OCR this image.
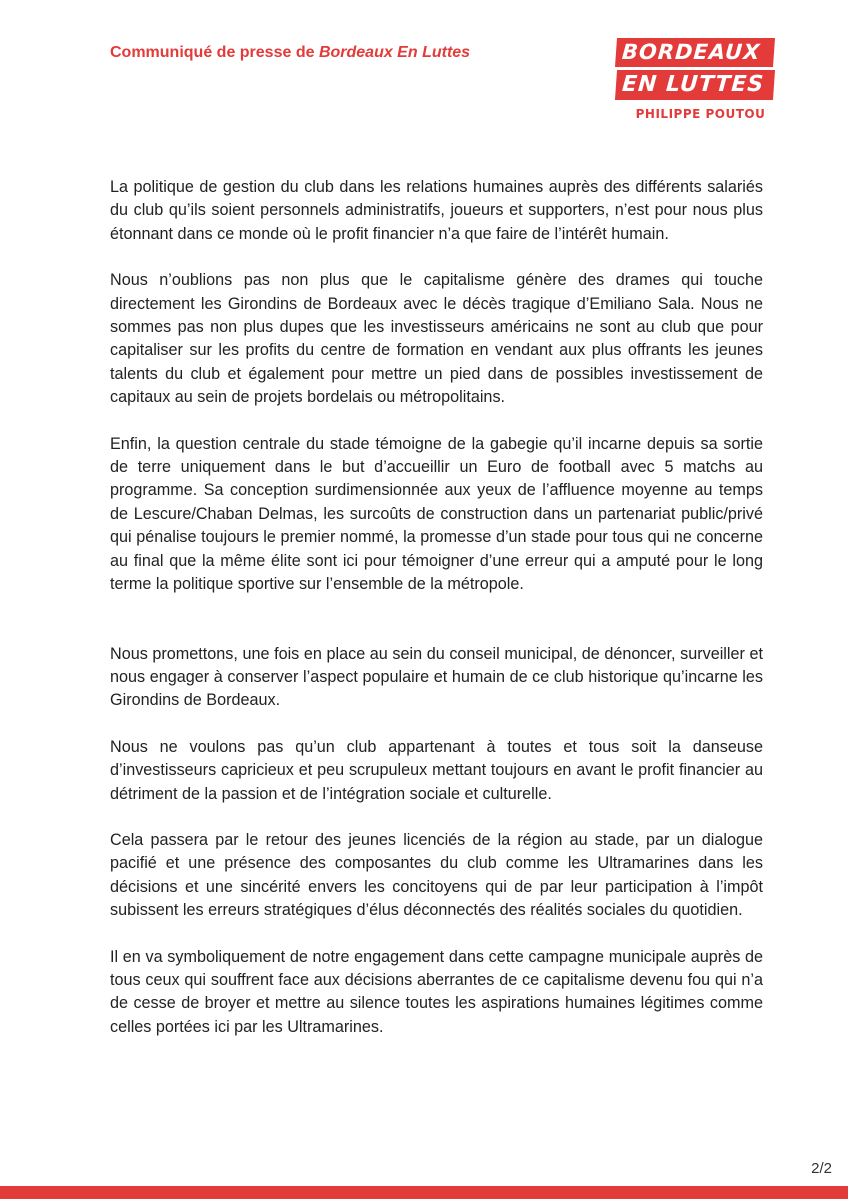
Communiqué de presse de Bordeaux En Luttes	BORDEAUX
EN LUTTES
PHILIPPE POUTOU

La politique de gestion du club dans les relations humaines auprès des différents salariés du club qu’ils soient personnels administratifs, joueurs et supporters, n’est pour nous plus étonnant dans ce monde où le profit financier n’a que faire de l’intérêt humain.

Nous n’oublions pas non plus que le capitalisme génère des drames qui touche directement les Girondins de Bordeaux avec le décès tragique d’Emiliano Sala. Nous ne sommes pas non plus dupes que les investisseurs américains ne sont au club que pour capitaliser sur les profits du centre de formation en vendant aux plus offrants les jeunes talents du club et également pour mettre un pied dans de possibles investissement de capitaux au sein de projets bordelais ou métropolitains.

Enfin, la question centrale du stade témoigne de la gabegie qu’il incarne depuis sa sortie de terre uniquement dans le but d’accueillir un Euro de football avec 5 matchs au programme. Sa conception surdimensionnée aux yeux de l’affluence moyenne au temps de Lescure/Chaban Delmas, les surcoûts de construction dans un partenariat public/privé qui pénalise toujours le premier nommé, la promesse d’un stade pour tous qui ne concerne au final que la même élite sont ici pour témoigner d’une erreur qui a amputé pour le long terme la politique sportive sur l’ensemble de la métropole.

Nous promettons, une fois en place au sein du conseil municipal, de dénoncer, surveiller et nous engager à conserver l’aspect populaire et humain de ce club historique qu’incarne les Girondins de Bordeaux.

Nous ne voulons pas qu’un club appartenant à toutes et tous soit la danseuse d’investisseurs capricieux et peu scrupuleux mettant toujours en avant le profit financier au détriment de la passion et de l’intégration sociale et culturelle.

Cela passera par le retour des jeunes licenciés de la région au stade, par un dialogue pacifié et une présence des composantes du club comme les Ultramarines dans les décisions et une sincérité envers les concitoyens qui de par leur participation à l’impôt subissent les erreurs stratégiques d’élus déconnectés des réalités sociales du quotidien.

Il en va symboliquement de notre engagement dans cette campagne municipale auprès de tous ceux qui souffrent face aux décisions aberrantes de ce capitalisme devenu fou qui n’a de cesse de broyer et mettre au silence toutes les aspirations humaines légitimes comme celles portées ici par les Ultramarines.

2/2
